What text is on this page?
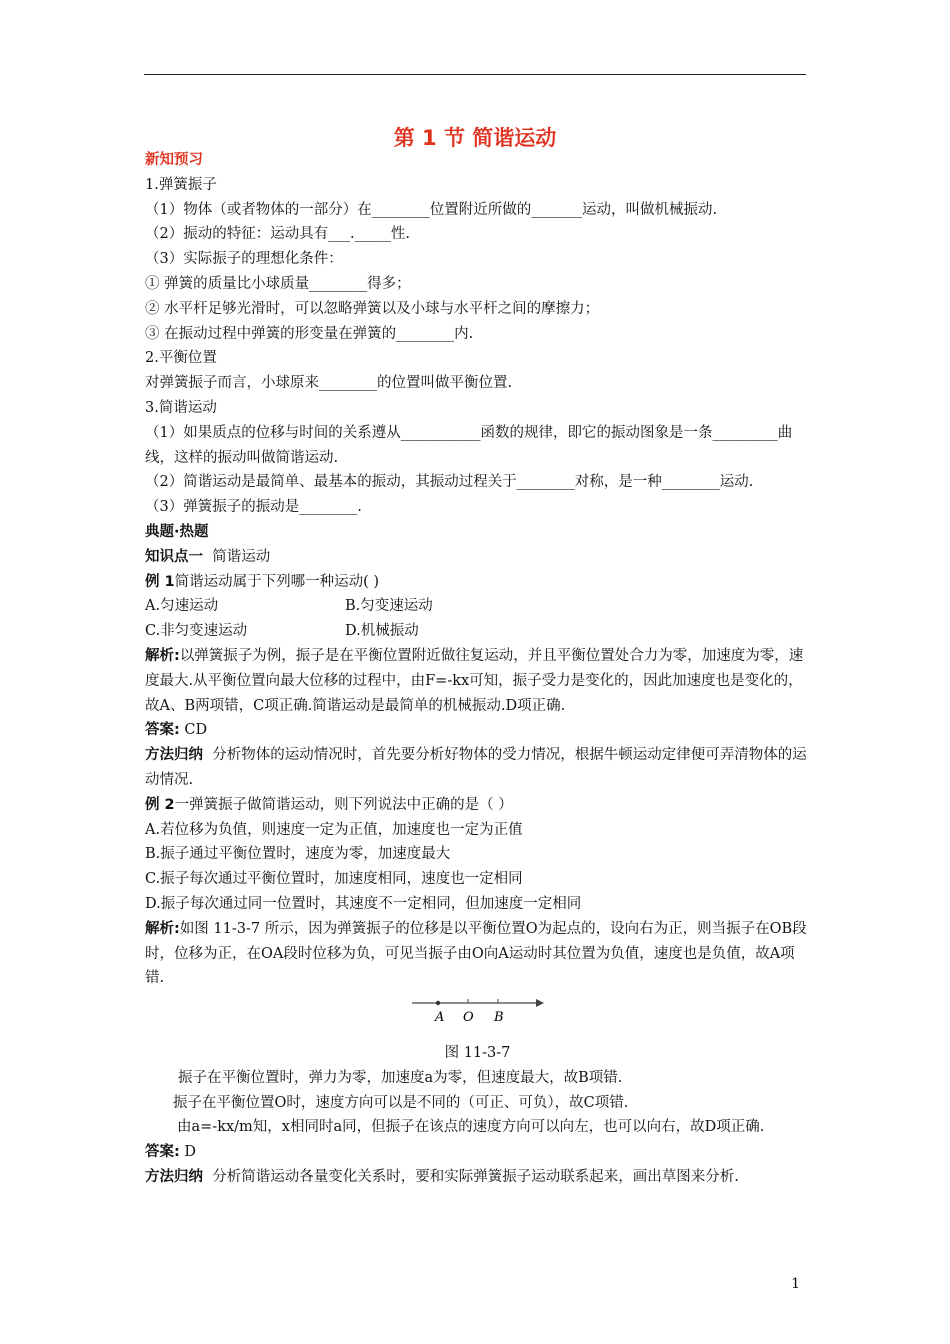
第 1 节 简谐运动

新知预习

1.弹簧振子

（1）物体（或者物体的一部分）在________位置附近所做的_______运动，叫做机械振动.

（2）振动的特征：运动具有___._____性.

（3）实际振子的理想化条件：

① 弹簧的质量比小球质量________得多；

② 水平杆足够光滑时，可以忽略弹簧以及小球与水平杆之间的摩擦力；

③ 在振动过程中弹簧的形变量在弹簧的________内.

2.平衡位置

对弹簧振子而言，小球原来________的位置叫做平衡位置.

3.简谐运动

（1）如果质点的位移与时间的关系遵从___________函数的规律，即它的振动图象是一条_________曲线，这样的振动叫做简谐运动.

（2）简谐运动是最简单、最基本的振动，其振动过程关于________对称，是一种________运动.

（3）弹簧振子的振动是________.

典题·热题

知识点一 简谐运动

例 1简谐运动属于下列哪一种运动( )

A.匀速运动	B.匀变速运动

C.非匀变速运动	D.机械振动

解析:以弹簧振子为例，振子是在平衡位置附近做往复运动，并且平衡位置处合力为零，加速度为零，速度最大.从平衡位置向最大位移的过程中，由F=-kx可知，振子受力是变化的，因此加速度也是变化的，故A、B两项错，C项正确.简谐运动是最简单的机械振动.D项正确.

答案: CD

方法归纳 分析物体的运动情况时，首先要分析好物体的受力情况，根据牛顿运动定律便可弄清物体的运动情况.

例 2一弹簧振子做简谐运动，则下列说法中正确的是（ ）

A.若位移为负值，则速度一定为正值，加速度也一定为正值

B.振子通过平衡位置时，速度为零，加速度最大

C.振子每次通过平衡位置时，加速度相同，速度也一定相同

D.振子每次通过同一位置时，其速度不一定相同，但加速度一定相同

解析:如图 11-3-7 所示，因为弹簧振子的位移是以平衡位置O为起点的，设向右为正，则当振子在OB段时，位移为正，在OA段时位移为负，可见当振子由O向A运动时其位置为负值，速度也是负值，故A项错.

A O B

图 11-3-7

振子在平衡位置时，弹力为零，加速度a为零，但速度最大，故B项错.

振子在平衡位置O时，速度方向可以是不同的（可正、可负），故C项错.

由a=-kx/m知，x相同时a同，但振子在该点的速度方向可以向左，也可以向右，故D项正确.

答案: D

方法归纳 分析简谐运动各量变化关系时，要和实际弹簧振子运动联系起来，画出草图来分析.

1
